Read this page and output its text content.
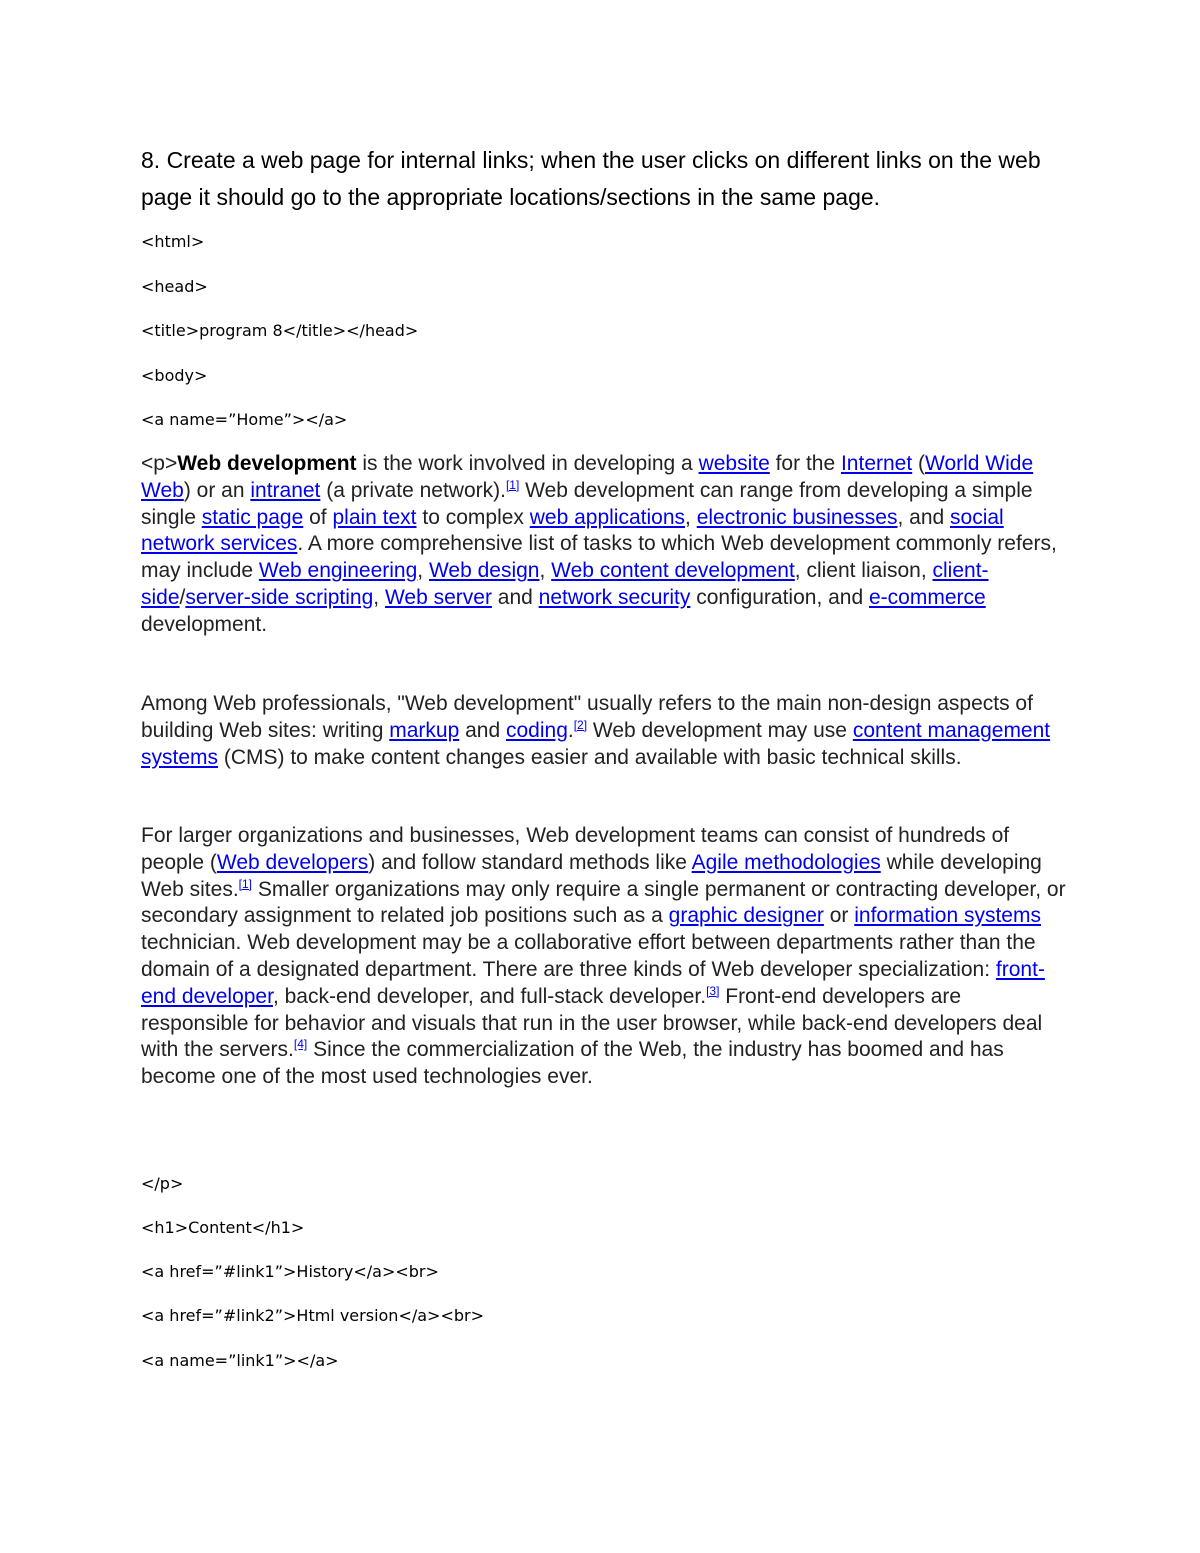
8. Create a web page for internal links; when the user clicks on different links on the web page it should go to the appropriate locations/sections in the same page.
<html>
<head>
<title>program 8</title></head>
<body>
<a name=”Home”></a>
<p>Web development is the work involved in developing a website for the Internet (World Wide Web) or an intranet (a private network).[1] Web development can range from developing a simple single static page of plain text to complex web applications, electronic businesses, and social network services. A more comprehensive list of tasks to which Web development commonly refers, may include Web engineering, Web design, Web content development, client liaison, client-side/server-side scripting, Web server and network security configuration, and e-commerce development.
Among Web professionals, "Web development" usually refers to the main non-design aspects of building Web sites: writing markup and coding.[2] Web development may use content management systems (CMS) to make content changes easier and available with basic technical skills.
For larger organizations and businesses, Web development teams can consist of hundreds of people (Web developers) and follow standard methods like Agile methodologies while developing Web sites.[1] Smaller organizations may only require a single permanent or contracting developer, or secondary assignment to related job positions such as a graphic designer or information systems technician. Web development may be a collaborative effort between departments rather than the domain of a designated department. There are three kinds of Web developer specialization: front-end developer, back-end developer, and full-stack developer.[3] Front-end developers are responsible for behavior and visuals that run in the user browser, while back-end developers deal with the servers.[4] Since the commercialization of the Web, the industry has boomed and has become one of the most used technologies ever.
</p>
<h1>Content</h1>
<a href=”#link1”>History</a><br>
<a href=”#link2”>Html version</a><br>
<a name=”link1”></a>
